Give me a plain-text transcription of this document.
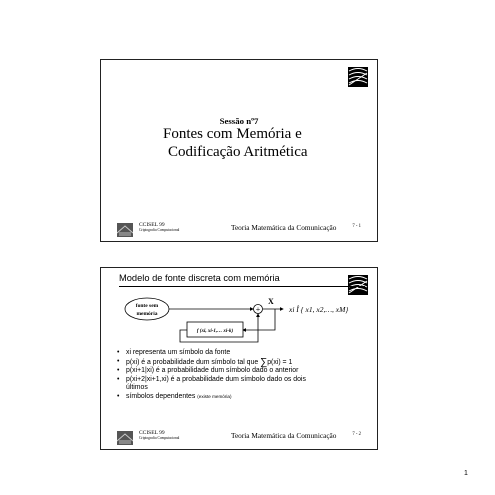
Sessão nº7
Fontes com Memória e
Codificação Aritmética
CCISEL 99
Criptografia Computacional	Teoria Matemática da Comunicação	7 - 1
Modelo de fonte discreta com memória
fonte sem
memória	+
X
xi Î { x1, x2,…, xM}
f (xi, xi-1,… xi-k)
• xi representa um símbolo da fonte
• p(xi) é a probabilidade dum símbolo tal que ∑p(xi) = 1
• p(xi+1|xi) é a probabilidade dum símbolo dado o anterior
• p(xi+2|xi+1,xi) é a probabilidade dum símbolo dado os dois
últimos
• símbolos dependentes (existe memória)
CCISEL 99
Criptografia Computacional	Teoria Matemática da Comunicação	7 - 2
1
